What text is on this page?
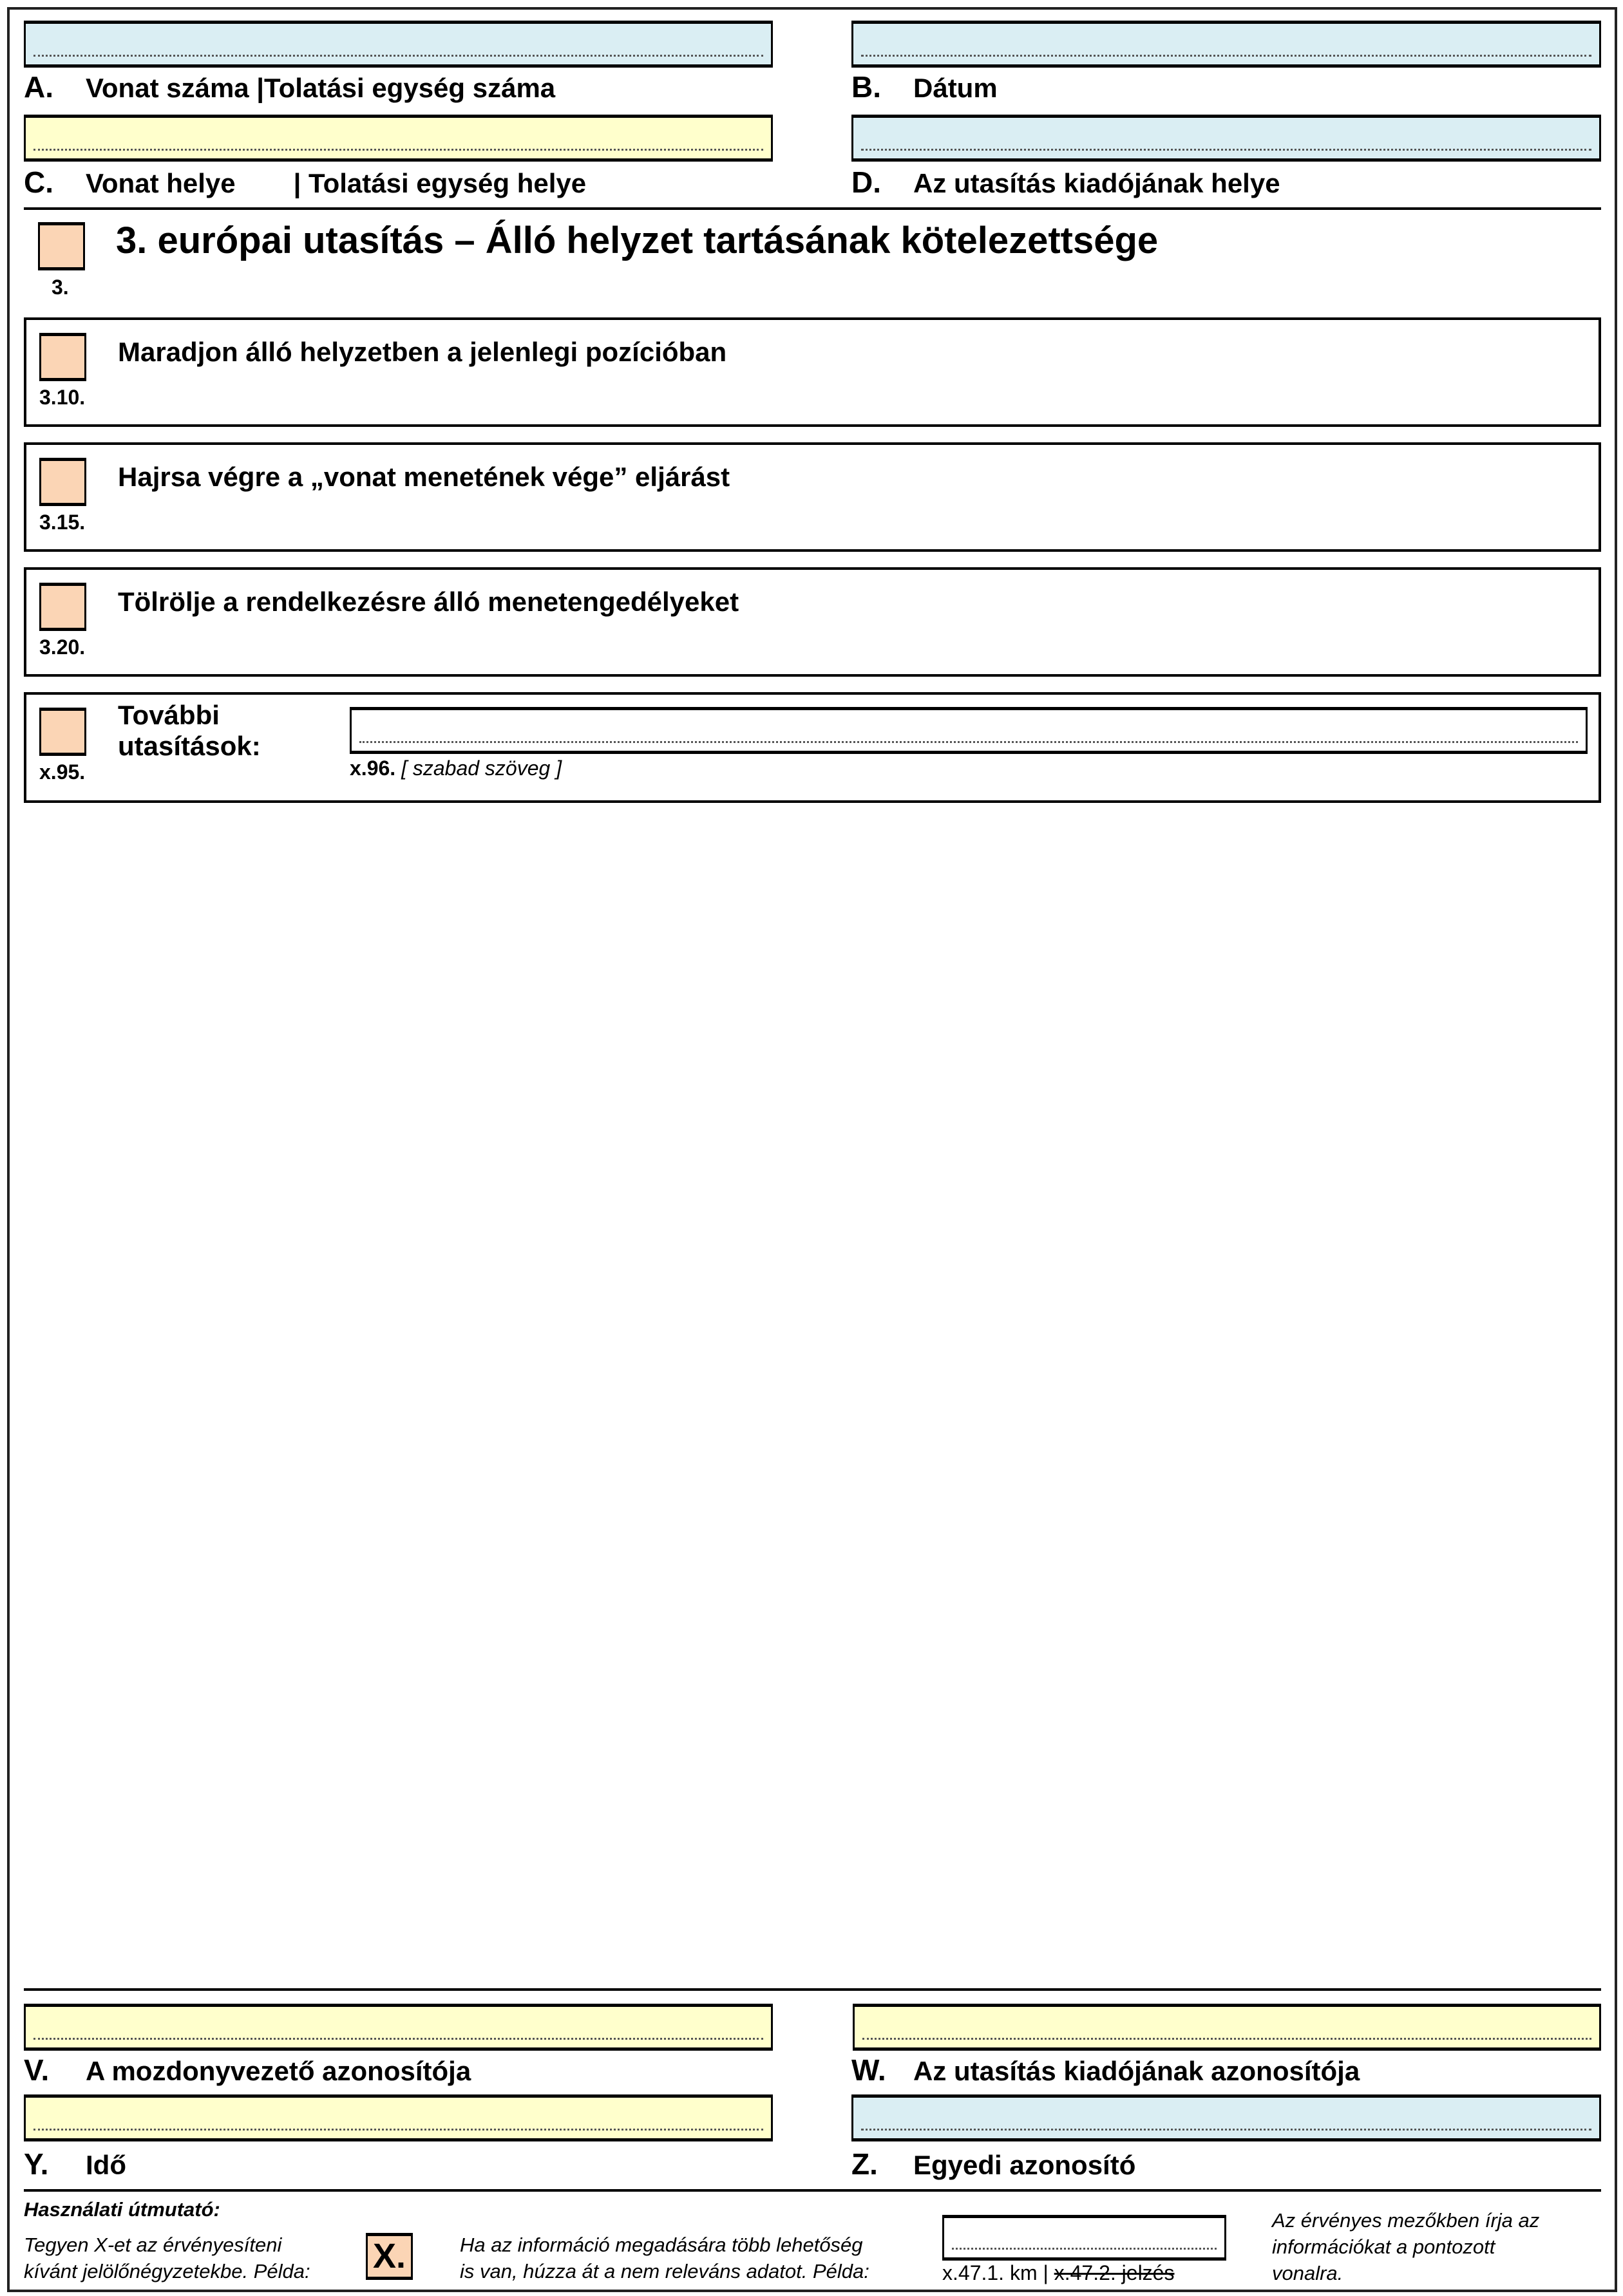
A. Vonat száma |Tolatási egység száma	B. Dátum
C. Vonat helye | Tolatási egység helye	D. Az utasítás kiadójának helye
3.
3. európai utasítás – Álló helyzet tartásának kötelezettsége
3.10.
Maradjon álló helyzetben a jelenlegi pozícióban
3.15.
Hajrsa végre a „vonat menetének vége” eljárást
3.20.
Tölrölje a rendelkezésre álló menetengedélyeket
x.95.
További
utasítások:
x.96. [ szabad szöveg ]
V. A mozdonyvezető azonosítója	W. Az utasítás kiadójának azonosítója
Y. Idő	Z. Egyedi azonosító
Használati útmutató:
Tegyen X-et az érvényesíteni
kívánt jelölőnégyzetekbe. Példa: X.	Ha az információ megadására több lehetőség
is van, húzza át a nem releváns adatot. Példa:	x.47.1. km | x.47.2. jelzés
Az érvényes mezőkben írja az
információkat a pontozott
vonalra.
